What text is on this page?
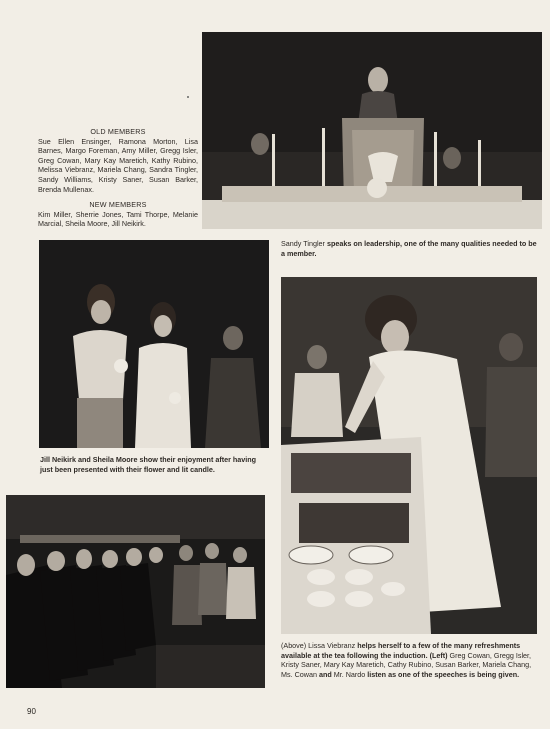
OLD MEMBERS
Sue Ellen Ensinger, Ramona Morton, Lisa Barnes, Margo Foreman, Amy Miller, Gregg Isler, Greg Cowan, Mary Kay Maretich, Kathy Rubino, Melissa Viebranz, Mariela Chang, Sandra Tingler, Sandy Williams, Kristy Saner, Susan Barker, Brenda Mullenax.
NEW MEMBERS
Kim Miller, Sherrie Jones, Tami Thorpe, Melanie Marcial, Sheila Moore, Jill Neikirk.
Sandy Tingler speaks on leadership, one of the many qualities needed to be a member.
Jill Neikirk and Sheila Moore show their enjoyment after having just been presented with their flower and lit candle.
(Above) Lissa Viebranz helps herself to a few of the many refreshments available at the tea following the induction. (Left) Greg Cowan, Gregg Isler, Kristy Saner, Mary Kay Maretich, Cathy Rubino, Susan Barker, Mariela Chang, Ms. Cowan and Mr. Nardo listen as one of the speeches is being given.
90
